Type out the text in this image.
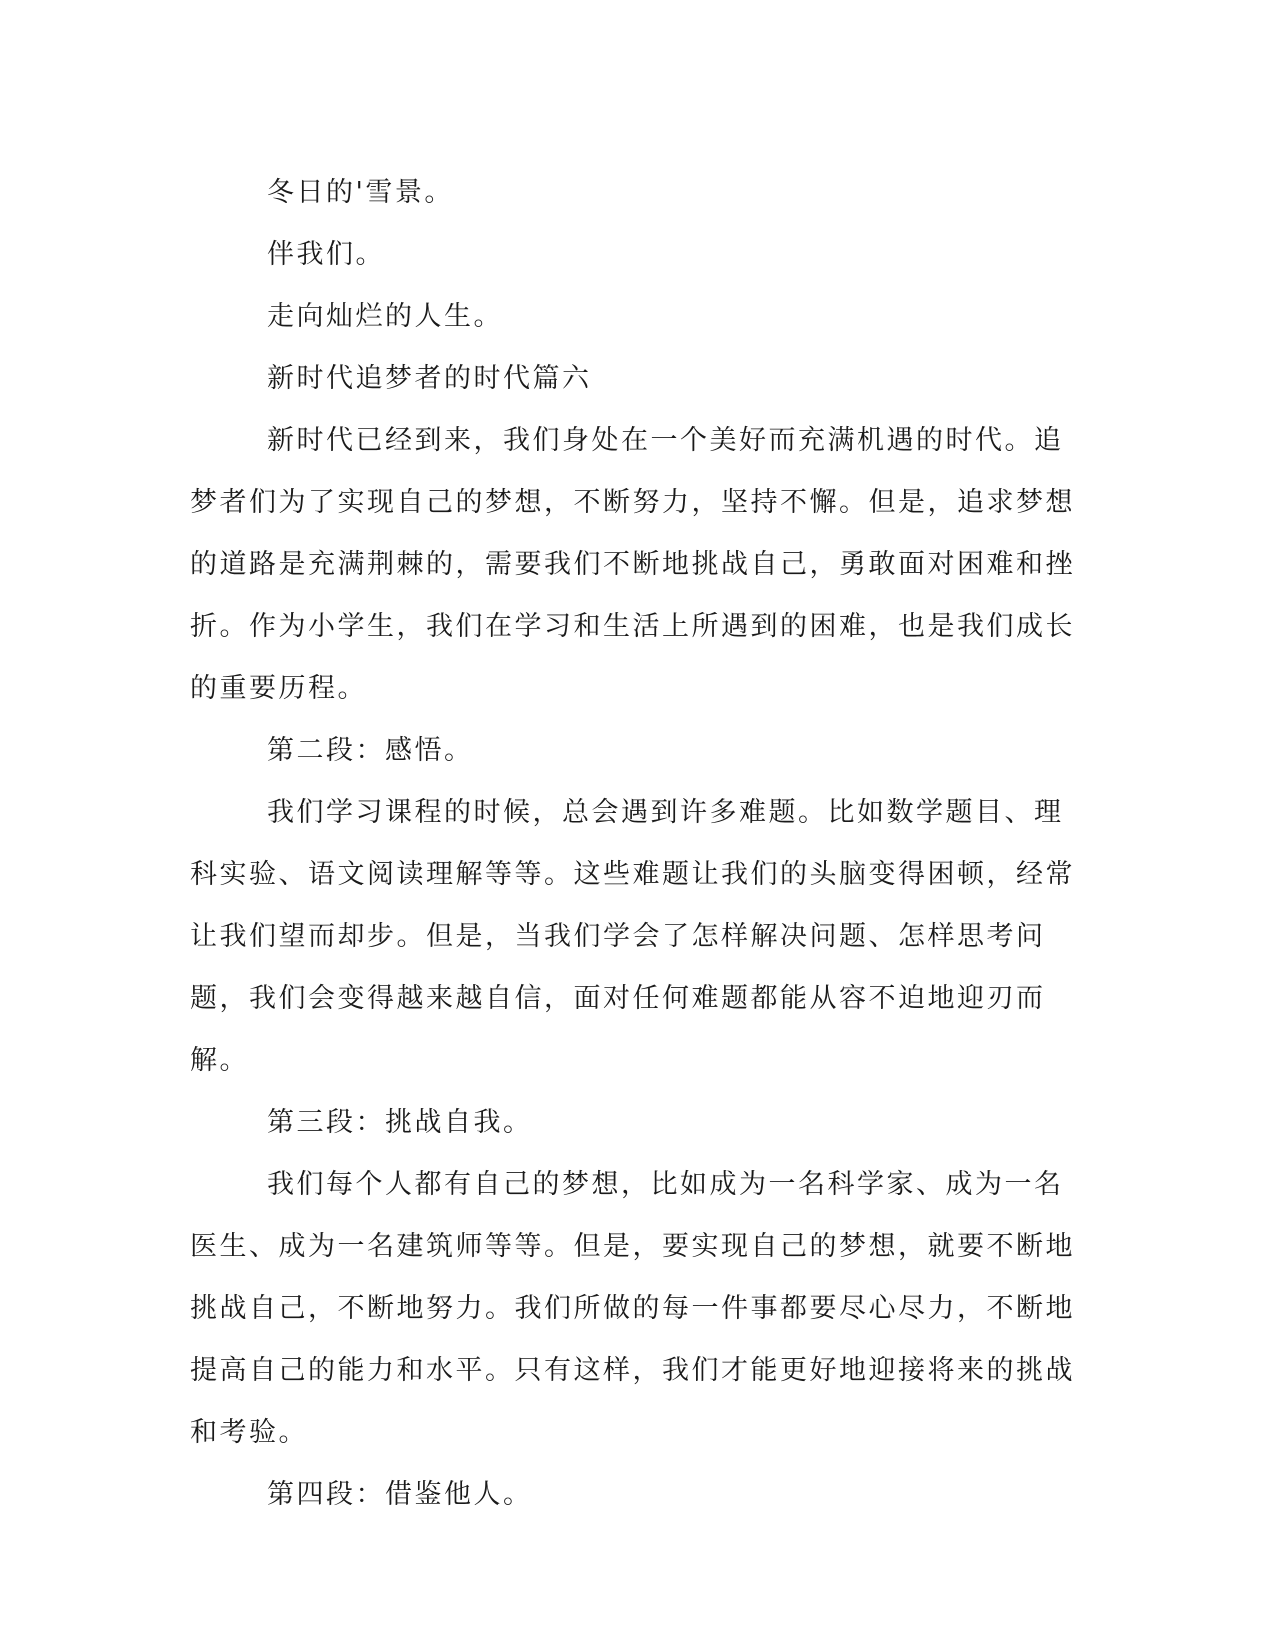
冬日的'雪景。

伴我们。

走向灿烂的人生。

新时代追梦者的时代篇六

新时代已经到来，我们身处在一个美好而充满机遇的时代。追梦者们为了实现自己的梦想，不断努力，坚持不懈。但是，追求梦想的道路是充满荆棘的，需要我们不断地挑战自己，勇敢面对困难和挫折。作为小学生，我们在学习和生活上所遇到的困难，也是我们成长的重要历程。

第二段：感悟。

我们学习课程的时候，总会遇到许多难题。比如数学题目、理科实验、语文阅读理解等等。这些难题让我们的头脑变得困顿，经常让我们望而却步。但是，当我们学会了怎样解决问题、怎样思考问题，我们会变得越来越自信，面对任何难题都能从容不迫地迎刃而解。

第三段：挑战自我。

我们每个人都有自己的梦想，比如成为一名科学家、成为一名医生、成为一名建筑师等等。但是，要实现自己的梦想，就要不断地挑战自己，不断地努力。我们所做的每一件事都要尽心尽力，不断地提高自己的能力和水平。只有这样，我们才能更好地迎接将来的挑战和考验。

第四段：借鉴他人。
